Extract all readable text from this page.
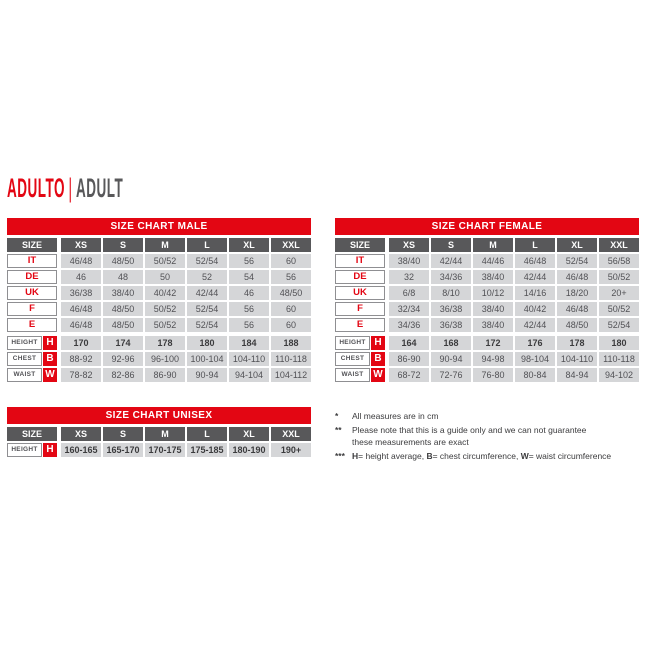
ADULTO | ADULT
SIZE CHART MALE
SIZE	XS	S	M	L	XL	XXL
IT	46/48	48/50	50/52	52/54	56	60
DE	46	48	50	52	54	56
UK	36/38	38/40	40/42	42/44	46	48/50
F	46/48	48/50	50/52	52/54	56	60
E	46/48	48/50	50/52	52/54	56	60
HEIGHT H	170	174	178	180	184	188
CHEST	B	88-92	92-96	96-100	100-104	104-110	110-118
WAIST W	78-82	82-86	86-90	90-94	94-104	104-112
SIZE CHART FEMALE
SIZE	XS	S	M	L	XL	XXL
IT	38/40	42/44	44/46	46/48	52/54	56/58
DE	32	34/36	38/40	42/44	46/48	50/52
UK	6/8	8/10	10/12	14/16	18/20	20+
F	32/34	36/38	38/40	40/42	46/48	50/52
E	34/36	36/38	38/40	42/44	48/50	52/54
HEIGHT H	164	168	172	176	178	180
CHEST	B	86-90	90-94	94-98	98-104	104-110	110-118
WAIST W	68-72	72-76	76-80	80-84	84-94	94-102
SIZE CHART UNISEX
SIZE	XS	S	M	L	XL	XXL
HEIGHT H	160-165 165-170 170-175 175-185 180-190	190+
*	All measures are in cm
**	Please note that this is a guide only and we can not guarantee
these measurements are exact
*** H= height average, B= chest circumference, W= waist circumference
